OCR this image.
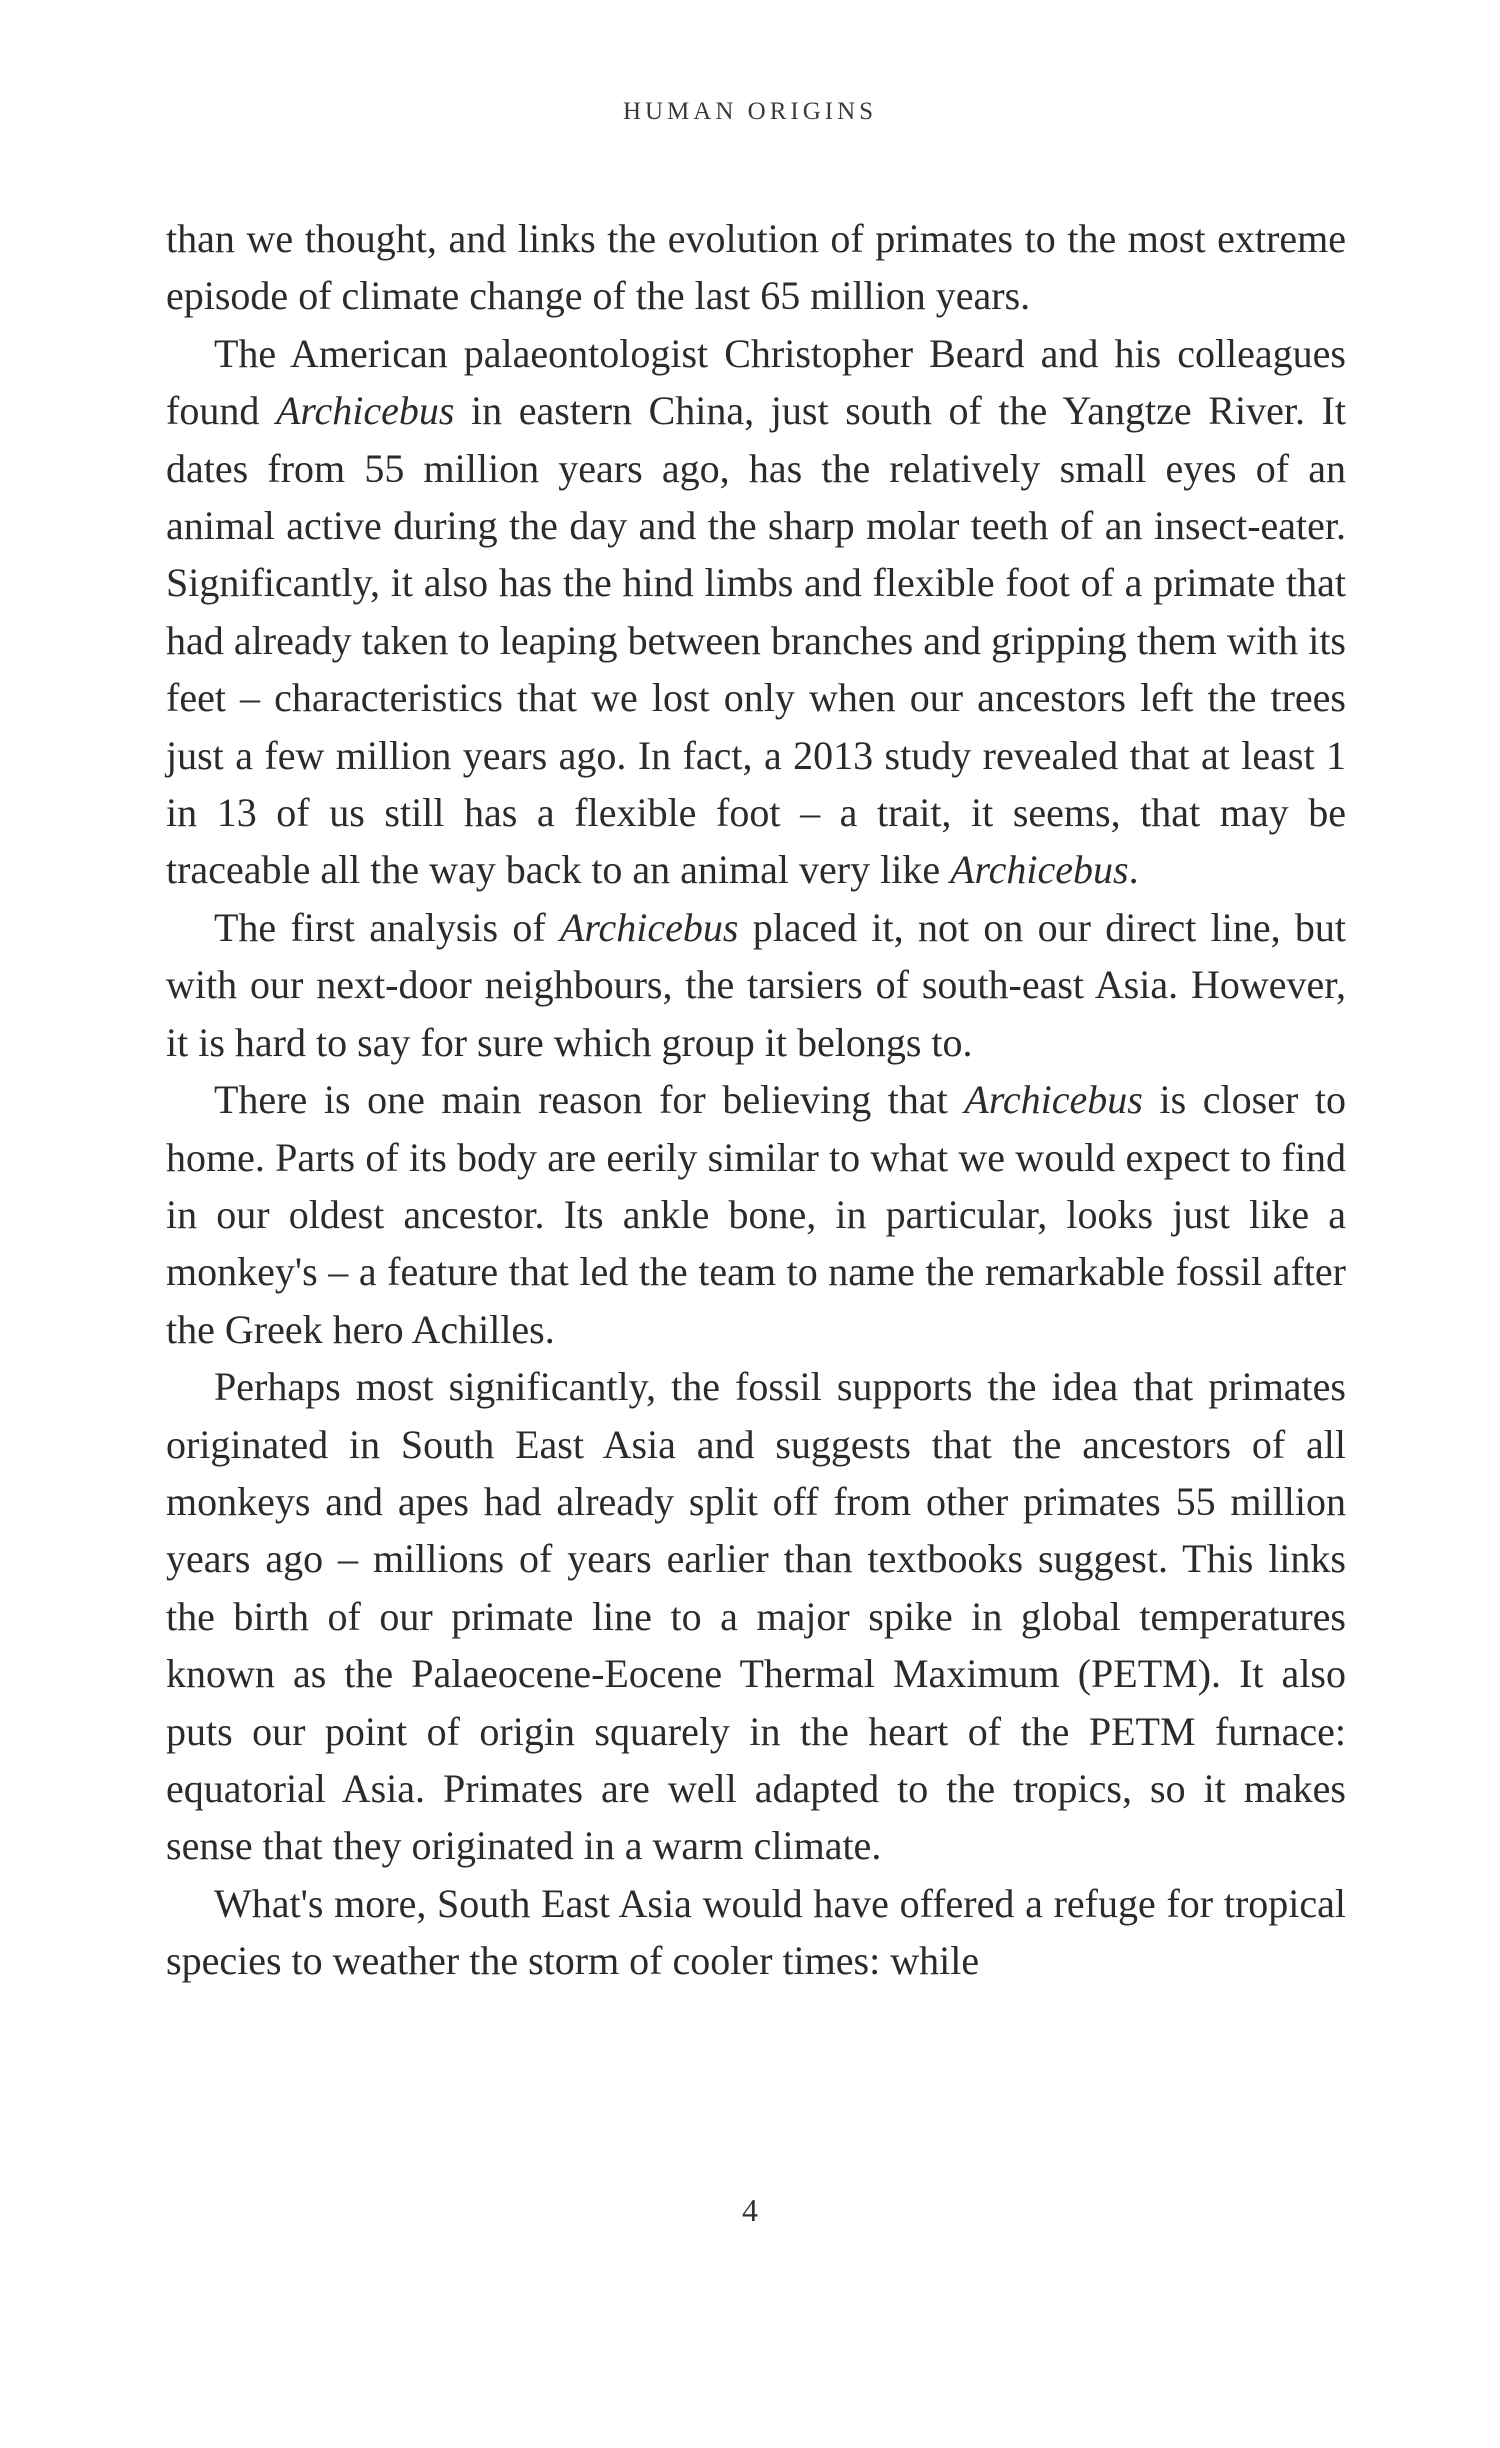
HUMAN ORIGINS

than we thought, and links the evolution of primates to the most extreme episode of climate change of the last 65 million years.

The American palaeontologist Christopher Beard and his colleagues found Archicebus in eastern China, just south of the Yangtze River. It dates from 55 million years ago, has the relatively small eyes of an animal active during the day and the sharp molar teeth of an insect-eater. Significantly, it also has the hind limbs and flexible foot of a primate that had already taken to leaping between branches and gripping them with its feet – characteristics that we lost only when our ancestors left the trees just a few million years ago. In fact, a 2013 study revealed that at least 1 in 13 of us still has a flexible foot – a trait, it seems, that may be traceable all the way back to an animal very like Archicebus.

The first analysis of Archicebus placed it, not on our direct line, but with our next-door neighbours, the tarsiers of south-east Asia. However, it is hard to say for sure which group it belongs to.

There is one main reason for believing that Archicebus is closer to home. Parts of its body are eerily similar to what we would expect to find in our oldest ancestor. Its ankle bone, in particular, looks just like a monkey's – a feature that led the team to name the remarkable fossil after the Greek hero Achilles.

Perhaps most significantly, the fossil supports the idea that primates originated in South East Asia and suggests that the ancestors of all monkeys and apes had already split off from other primates 55 million years ago – millions of years earlier than textbooks suggest. This links the birth of our primate line to a major spike in global temperatures known as the Palaeocene-Eocene Thermal Maximum (PETM). It also puts our point of origin squarely in the heart of the PETM furnace: equatorial Asia. Primates are well adapted to the tropics, so it makes sense that they originated in a warm climate.

What's more, South East Asia would have offered a refuge for tropical species to weather the storm of cooler times: while

4
